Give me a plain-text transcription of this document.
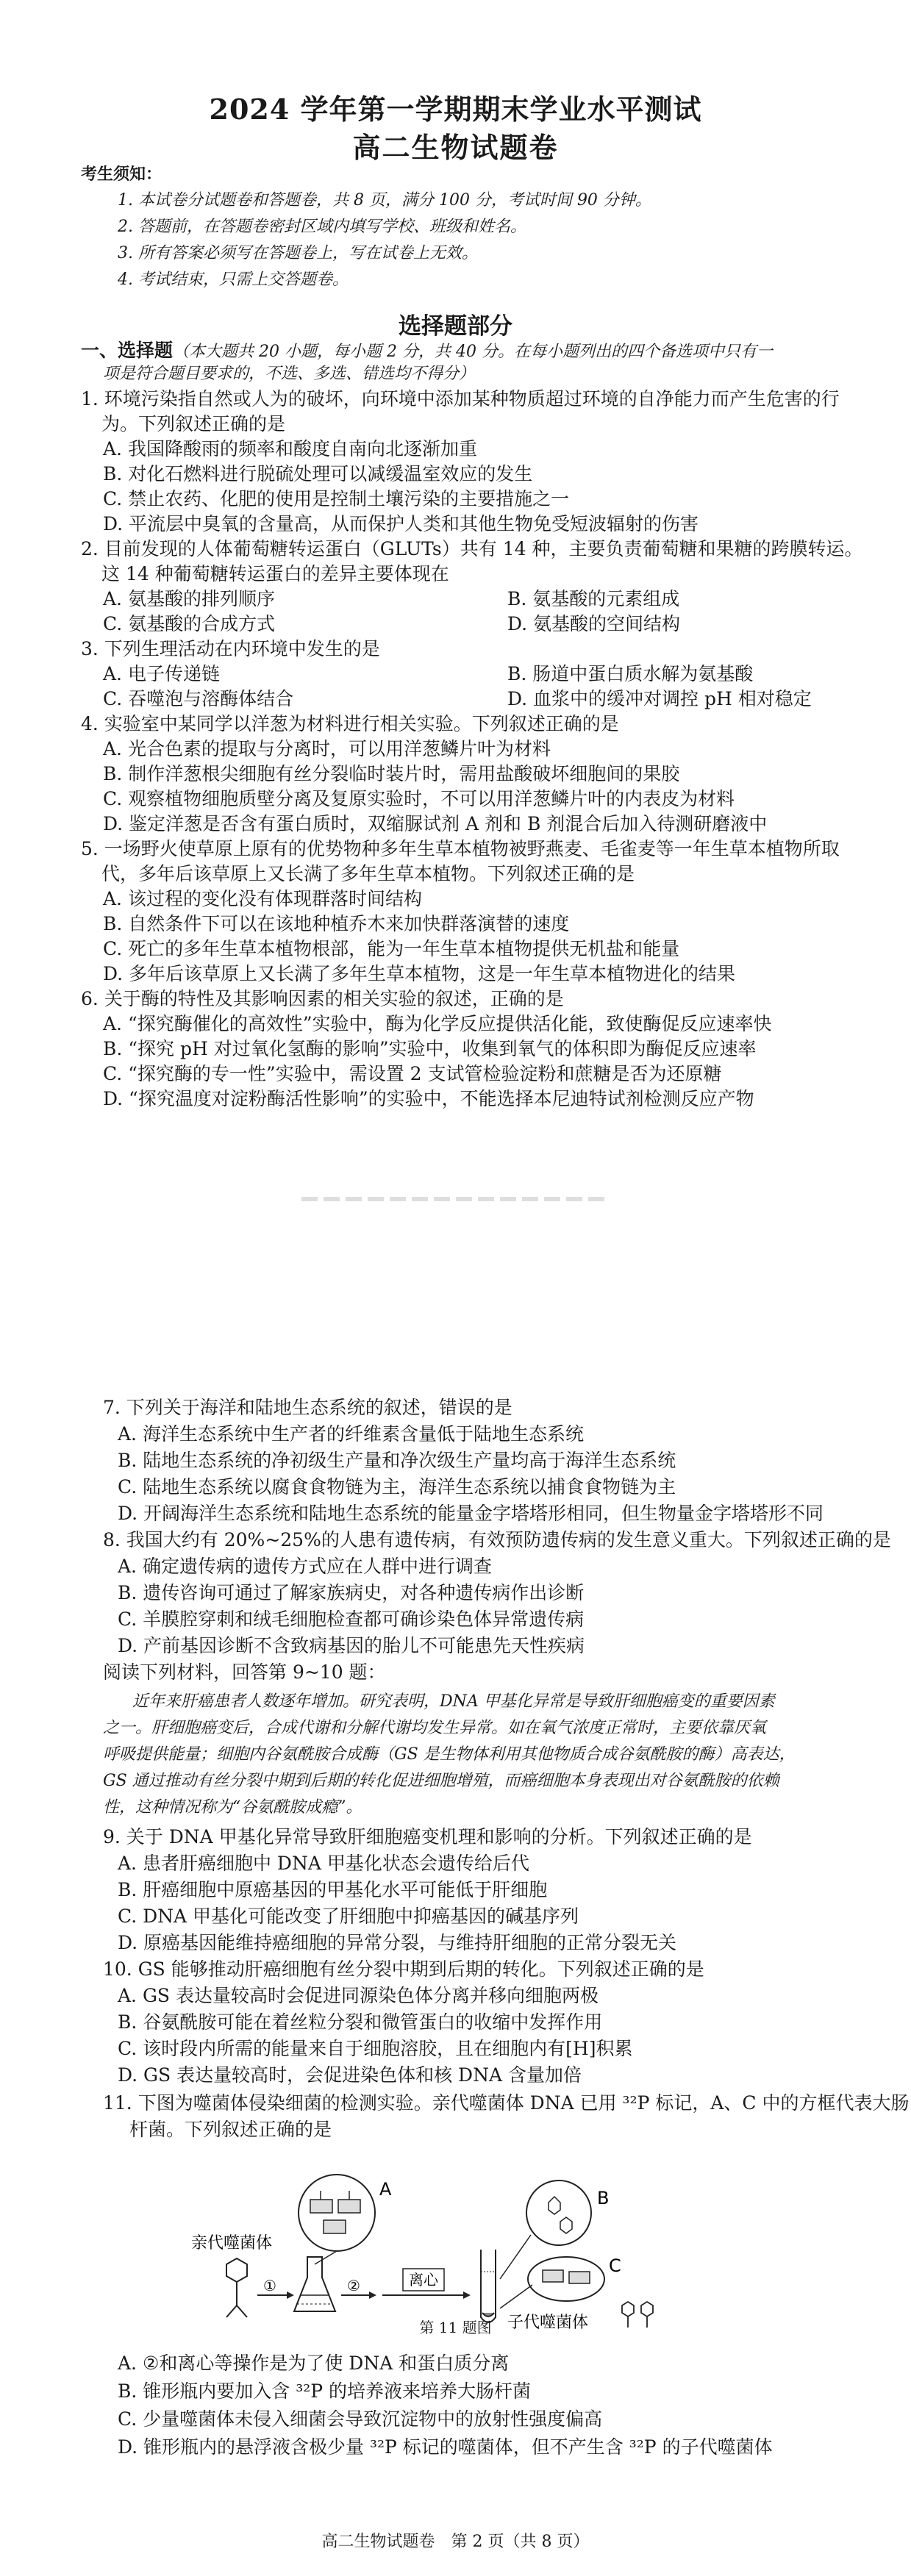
2024 学年第一学期期末学业水平测试
高二生物试题卷
考生须知：
1. 本试卷分试题卷和答题卷，共 8 页，满分 100 分，考试时间 90 分钟。
2. 答题前，在答题卷密封区域内填写学校、班级和姓名。
3. 所有答案必须写在答题卷上，写在试卷上无效。
4. 考试结束，只需上交答题卷。
选择题部分
一、选择题（本大题共 20 小题，每小题 2 分，共 40 分。在每小题列出的四个备选项中只有一
项是符合题目要求的，不选、多选、错选均不得分）
1. 环境污染指自然或人为的破坏，向环境中添加某种物质超过环境的自净能力而产生危害的行
为。下列叙述正确的是
A. 我国降酸雨的频率和酸度自南向北逐渐加重
B. 对化石燃料进行脱硫处理可以减缓温室效应的发生
C. 禁止农药、化肥的使用是控制土壤污染的主要措施之一
D. 平流层中臭氧的含量高，从而保护人类和其他生物免受短波辐射的伤害
2. 目前发现的人体葡萄糖转运蛋白（GLUTs）共有 14 种，主要负责葡萄糖和果糖的跨膜转运。
这 14 种葡萄糖转运蛋白的差异主要体现在
A. 氨基酸的排列顺序	B. 氨基酸的元素组成
C. 氨基酸的合成方式	D. 氨基酸的空间结构
3. 下列生理活动在内环境中发生的是
A. 电子传递链	B. 肠道中蛋白质水解为氨基酸
C. 吞噬泡与溶酶体结合	D. 血浆中的缓冲对调控 pH 相对稳定
4. 实验室中某同学以洋葱为材料进行相关实验。下列叙述正确的是
A. 光合色素的提取与分离时，可以用洋葱鳞片叶为材料
B. 制作洋葱根尖细胞有丝分裂临时装片时，需用盐酸破坏细胞间的果胶
C. 观察植物细胞质壁分离及复原实验时，不可以用洋葱鳞片叶的内表皮为材料
D. 鉴定洋葱是否含有蛋白质时，双缩脲试剂 A 剂和 B 剂混合后加入待测研磨液中
5. 一场野火使草原上原有的优势物种多年生草本植物被野燕麦、毛雀麦等一年生草本植物所取
代，多年后该草原上又长满了多年生草本植物。下列叙述正确的是
A. 该过程的变化没有体现群落时间结构
B. 自然条件下可以在该地种植乔木来加快群落演替的速度
C. 死亡的多年生草本植物根部，能为一年生草本植物提供无机盐和能量
D. 多年后该草原上又长满了多年生草本植物，这是一年生草本植物进化的结果
6. 关于酶的特性及其影响因素的相关实验的叙述，正确的是
A. “探究酶催化的高效性”实验中，酶为化学反应提供活化能，致使酶促反应速率快
B. “探究 pH 对过氧化氢酶的影响”实验中，收集到氧气的体积即为酶促反应速率
C. “探究酶的专一性”实验中，需设置 2 支试管检验淀粉和蔗糖是否为还原糖
D. “探究温度对淀粉酶活性影响”的实验中，不能选择本尼迪特试剂检测反应产物
7. 下列关于海洋和陆地生态系统的叙述，错误的是
A. 海洋生态系统中生产者的纤维素含量低于陆地生态系统
B. 陆地生态系统的净初级生产量和净次级生产量均高于海洋生态系统
C. 陆地生态系统以腐食食物链为主，海洋生态系统以捕食食物链为主
D. 开阔海洋生态系统和陆地生态系统的能量金字塔塔形相同，但生物量金字塔塔形不同
8. 我国大约有 20%~25%的人患有遗传病，有效预防遗传病的发生意义重大。下列叙述正确的是
A. 确定遗传病的遗传方式应在人群中进行调查
B. 遗传咨询可通过了解家族病史，对各种遗传病作出诊断
C. 羊膜腔穿刺和绒毛细胞检查都可确诊染色体异常遗传病
D. 产前基因诊断不含致病基因的胎儿不可能患先天性疾病
阅读下列材料，回答第 9~10 题：
近年来肝癌患者人数逐年增加。研究表明，DNA 甲基化异常是导致肝细胞癌变的重要因素
之一。肝细胞癌变后，合成代谢和分解代谢均发生异常。如在氧气浓度正常时，主要依靠厌氧
呼吸提供能量；细胞内谷氨酰胺合成酶（GS 是生物体利用其他物质合成谷氨酰胺的酶）高表达，
GS 通过推动有丝分裂中期到后期的转化促进细胞增殖，而癌细胞本身表现出对谷氨酰胺的依赖
性，这种情况称为“谷氨酰胺成瘾”。
9. 关于 DNA 甲基化异常导致肝细胞癌变机理和影响的分析。下列叙述正确的是
A. 患者肝癌细胞中 DNA 甲基化状态会遗传给后代
B. 肝癌细胞中原癌基因的甲基化水平可能低于肝细胞
C. DNA 甲基化可能改变了肝细胞中抑癌基因的碱基序列
D. 原癌基因能维持癌细胞的异常分裂，与维持肝细胞的正常分裂无关
10. GS 能够推动肝癌细胞有丝分裂中期到后期的转化。下列叙述正确的是
A. GS 表达量较高时会促进同源染色体分离并移向细胞两极
B. 谷氨酰胺可能在着丝粒分裂和微管蛋白的收缩中发挥作用
C. 该时段内所需的能量来自于细胞溶胶，且在细胞内有[H]积累
D. GS 表达量较高时，会促进染色体和核 DNA 含量加倍
11. 下图为噬菌体侵染细菌的检测实验。亲代噬菌体 DNA 已用 ³²P 标记，A、C 中的方框代表大肠
杆菌。下列叙述正确的是
亲代噬菌体
①	②
A
离心
B
C
子代噬菌体
第 11 题图
A. ②和离心等操作是为了使 DNA 和蛋白质分离
B. 锥形瓶内要加入含 ³²P 的培养液来培养大肠杆菌
C. 少量噬菌体未侵入细菌会导致沉淀物中的放射性强度偏高
D. 锥形瓶内的悬浮液含极少量 ³²P 标记的噬菌体，但不产生含 ³²P 的子代噬菌体
高二生物试题卷　第 2 页（共 8 页）
